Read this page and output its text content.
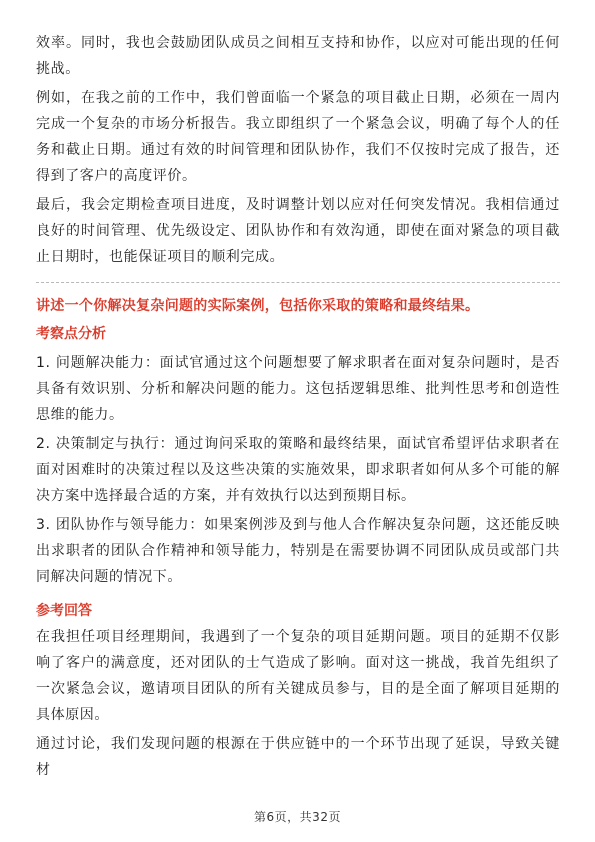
效率。同时，我也会鼓励团队成员之间相互支持和协作，以应对可能出现的任何挑战。

例如，在我之前的工作中，我们曾面临一个紧急的项目截止日期，必须在一周内完成一个复杂的市场分析报告。我立即组织了一个紧急会议，明确了每个人的任务和截止日期。通过有效的时间管理和团队协作，我们不仅按时完成了报告，还得到了客户的高度评价。

最后，我会定期检查项目进度，及时调整计划以应对任何突发情况。我相信通过良好的时间管理、优先级设定、团队协作和有效沟通，即使在面对紧急的项目截止日期时，也能保证项目的顺利完成。

讲述一个你解决复杂问题的实际案例，包括你采取的策略和最终结果。

考察点分析

1. 问题解决能力：面试官通过这个问题想要了解求职者在面对复杂问题时，是否具备有效识别、分析和解决问题的能力。这包括逻辑思维、批判性思考和创造性思维的能力。

2. 决策制定与执行：通过询问采取的策略和最终结果，面试官希望评估求职者在面对困难时的决策过程以及这些决策的实施效果，即求职者如何从多个可能的解决方案中选择最合适的方案，并有效执行以达到预期目标。

3. 团队协作与领导能力：如果案例涉及到与他人合作解决复杂问题，这还能反映出求职者的团队合作精神和领导能力，特别是在需要协调不同团队成员或部门共同解决问题的情况下。

参考回答

在我担任项目经理期间，我遇到了一个复杂的项目延期问题。项目的延期不仅影响了客户的满意度，还对团队的士气造成了影响。面对这一挑战，我首先组织了一次紧急会议，邀请项目团队的所有关键成员参与，目的是全面了解项目延期的具体原因。

通过讨论，我们发现问题的根源在于供应链中的一个环节出现了延误，导致关键材

第6页，共32页
